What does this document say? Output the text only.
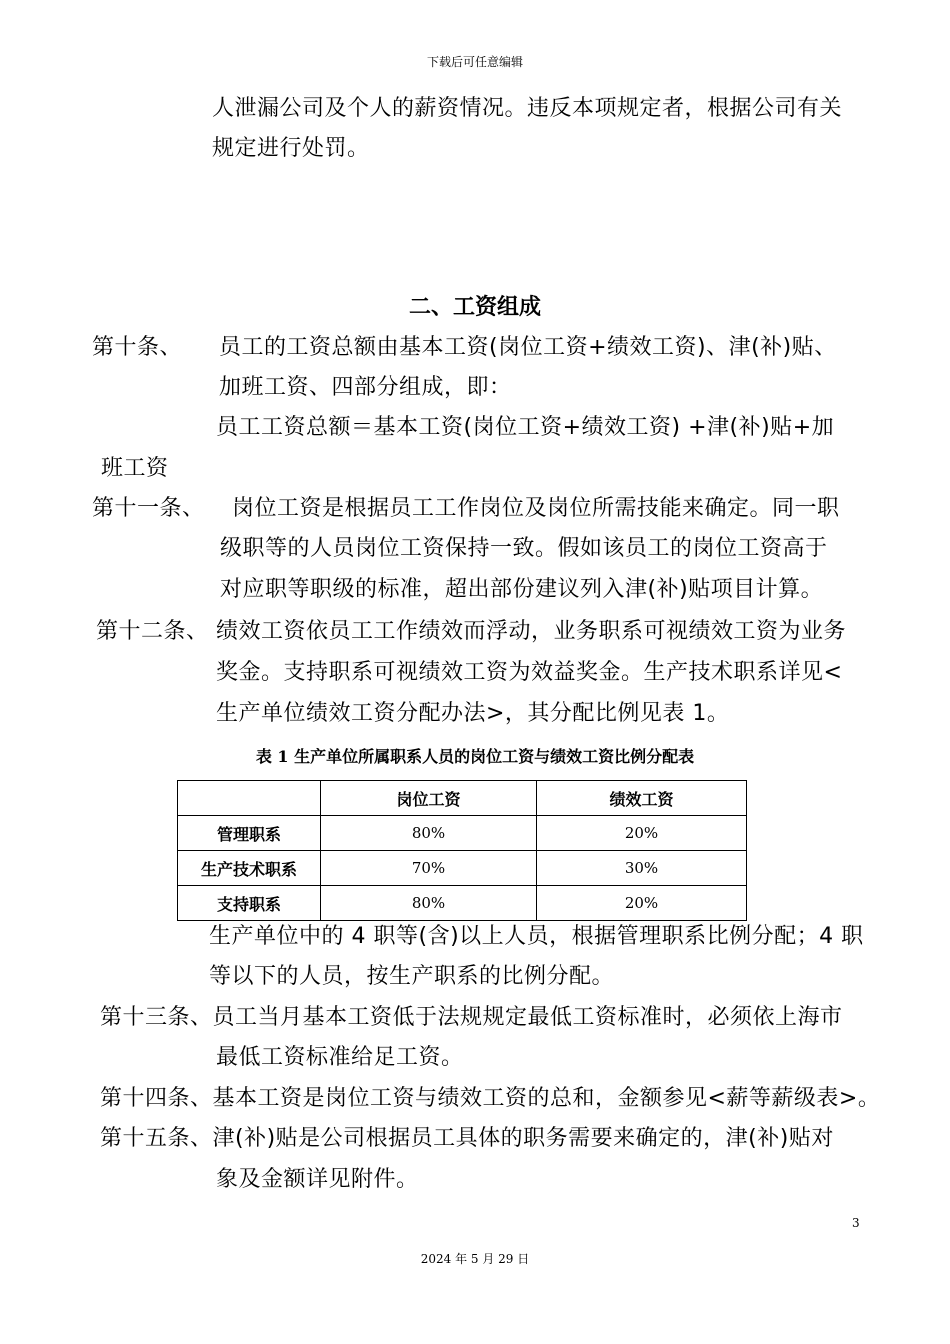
下载后可任意编辑
人泄漏公司及个人的薪资情况。违反本项规定者，根据公司有关
规定进行处罚。
二、工资组成
第十条、 员工的工资总额由基本工资(岗位工资+绩效工资)、津(补)贴、
加班工资、四部分组成，即：
员工工资总额＝基本工资(岗位工资+绩效工资) +津(补)贴+加
班工资
第十一条、 岗位工资是根据员工工作岗位及岗位所需技能来确定。同一职
级职等的人员岗位工资保持一致。假如该员工的岗位工资高于
对应职等职级的标准，超出部份建议列入津(补)贴项目计算。
第十二条、 绩效工资依员工工作绩效而浮动，业务职系可视绩效工资为业务
奖金。支持职系可视绩效工资为效益奖金。生产技术职系详见<
生产单位绩效工资分配办法>，其分配比例见表 1。
表 1 生产单位所属职系人员的岗位工资与绩效工资比例分配表
	岗位工资	绩效工资
管理职系	80%	20%
生产技术职系	70%	30%
支持职系	80%	20%
生产单位中的 4 职等(含)以上人员，根据管理职系比例分配；4 职
等以下的人员，按生产职系的比例分配。
第十三条、员工当月基本工资低于法规规定最低工资标准时，必须依上海市
最低工资标准给足工资。
第十四条、基本工资是岗位工资与绩效工资的总和，金额参见<薪等薪级表>。
第十五条、津(补)贴是公司根据员工具体的职务需要来确定的，津(补)贴对
象及金额详见附件。
3
2024 年 5 月 29 日
